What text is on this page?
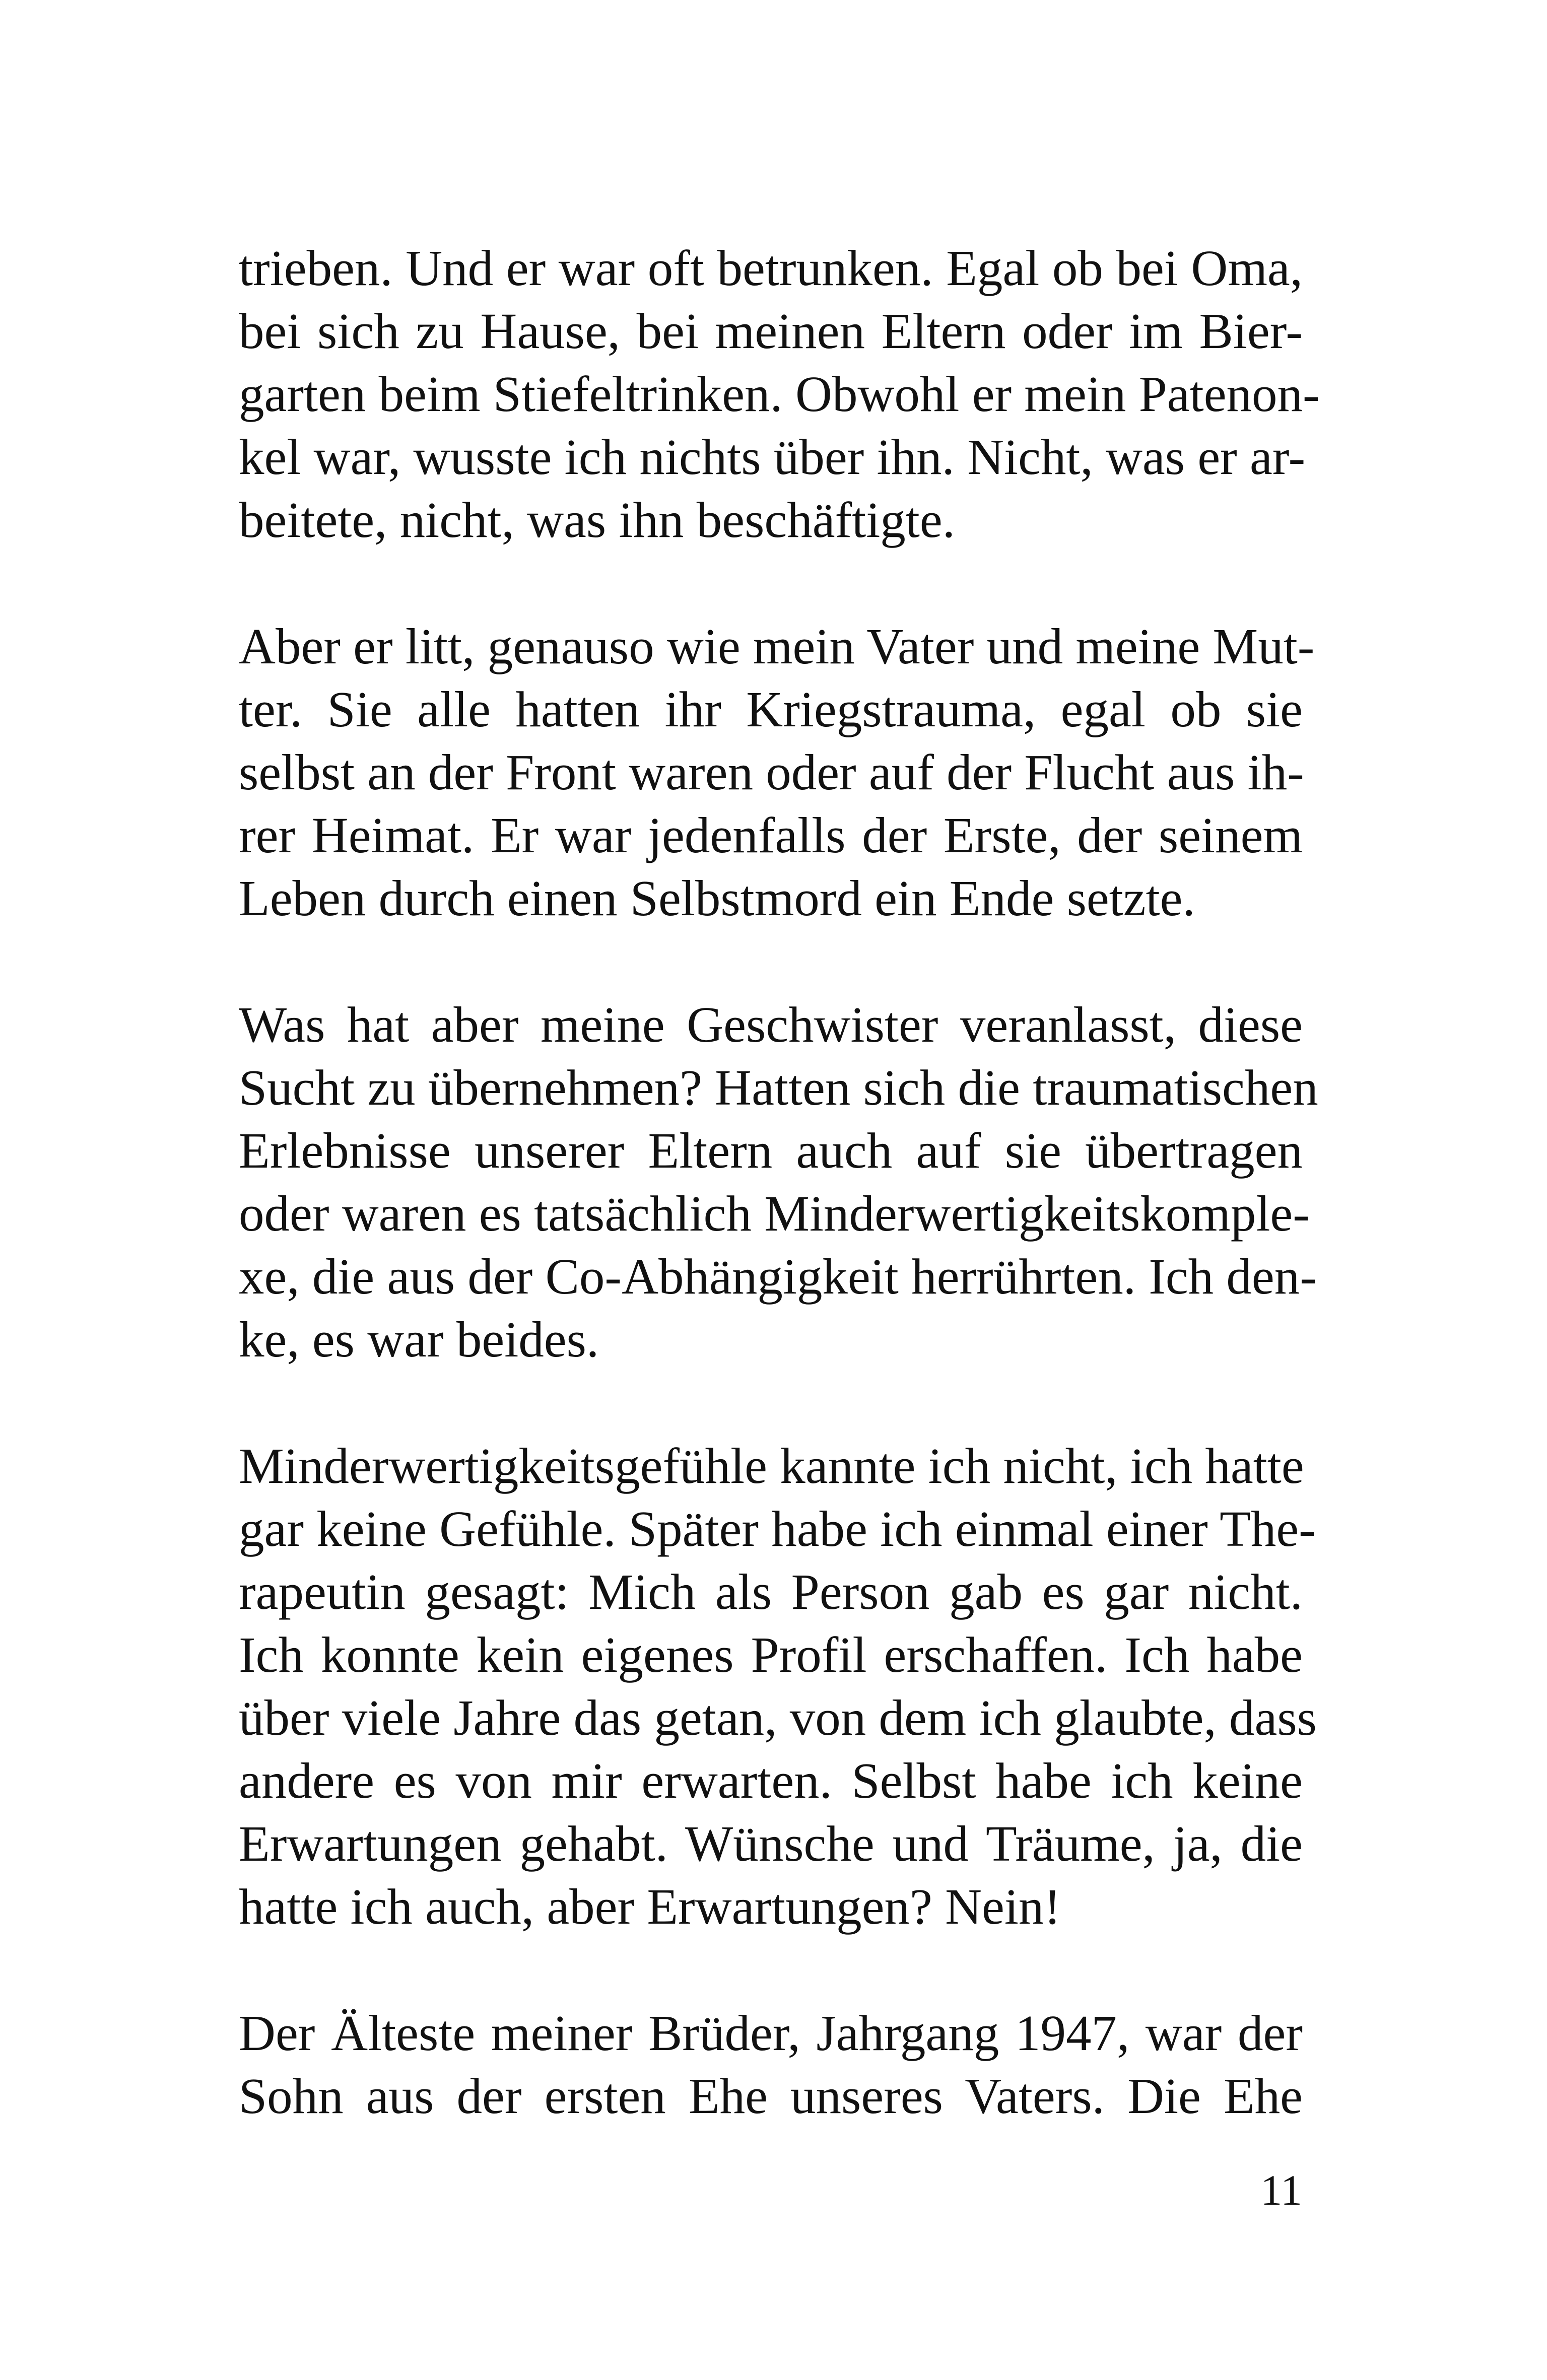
trieben. Und er war oft betrunken. Egal ob bei Oma,
bei sich zu Hause, bei meinen Eltern oder im Bier-
garten beim Stiefeltrinken. Obwohl er mein Patenon-
kel war, wusste ich nichts über ihn. Nicht, was er ar-
beitete, nicht, was ihn beschäftigte.

Aber er litt, genauso wie mein Vater und meine Mut-
ter. Sie alle hatten ihr Kriegstrauma, egal ob sie
selbst an der Front waren oder auf der Flucht aus ih-
rer Heimat. Er war jedenfalls der Erste, der seinem
Leben durch einen Selbstmord ein Ende setzte.

Was hat aber meine Geschwister veranlasst, diese
Sucht zu übernehmen? Hatten sich die traumatischen
Erlebnisse unserer Eltern auch auf sie übertragen
oder waren es tatsächlich Minderwertigkeitskomple-
xe, die aus der Co-Abhängigkeit herrührten. Ich den-
ke, es war beides.

Minderwertigkeitsgefühle kannte ich nicht, ich hatte
gar keine Gefühle. Später habe ich einmal einer The-
rapeutin gesagt: Mich als Person gab es gar nicht.
Ich konnte kein eigenes Profil erschaffen. Ich habe
über viele Jahre das getan, von dem ich glaubte, dass
andere es von mir erwarten. Selbst habe ich keine
Erwartungen gehabt. Wünsche und Träume, ja, die
hatte ich auch, aber Erwartungen? Nein!

Der Älteste meiner Brüder, Jahrgang 1947, war der
Sohn aus der ersten Ehe unseres Vaters. Die Ehe

11
